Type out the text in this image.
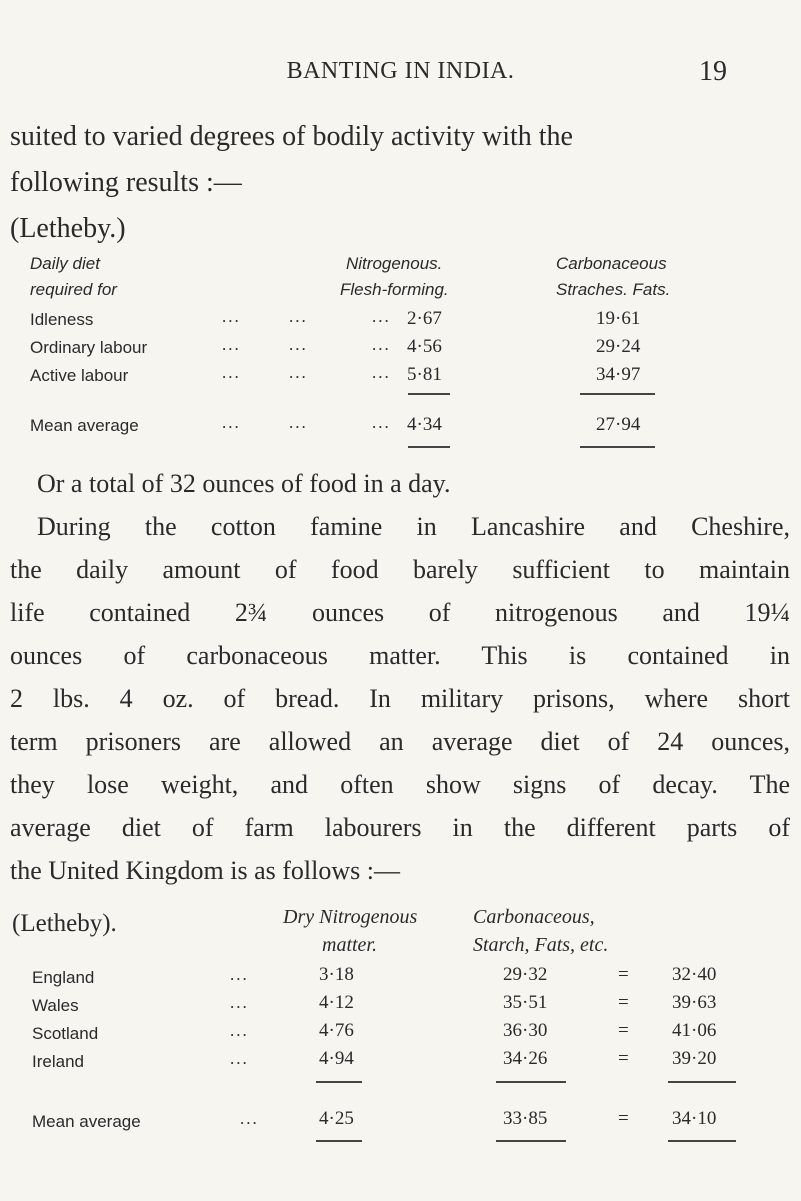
BANTING IN INDIA.	19
suited to varied degrees of bodily activity with the
following results :—
(Letheby.)
Daily diet
required for
Nitrogenous.
Flesh-forming.
Carbonaceous
Straches. Fats.
Idleness	...	...	... 2·67	19·61
Ordinary labour	...	...	... 4·56	29·24
Active labour	...	...	... 5·81	34·97
Mean average	...	...	... 4·34	27·94
Or a total of 32 ounces of food in a day.
During the cotton famine in Lancashire and Cheshire,
the daily amount of food barely sufficient to maintain
life contained 2¾ ounces of nitrogenous and 19¼
ounces of carbonaceous matter. This is contained in
2 lbs. 4 oz. of bread. In military prisons, where short
term prisoners are allowed an average diet of 24 ounces,
they lose weight, and often show signs of decay. The
average diet of farm labourers in the different parts of
the United Kingdom is as follows :—
(Letheby).	Dry Nitrogenous
matter.
Carbonaceous,
Starch, Fats, etc.
England	...	3·18	29·32	= 32·40
Wales	...	4·12	35·51	= 39·63
Scotland	...	4·76	36·30	= 41·06
Ireland	...	4·94	34·26	= 39·20
Mean average	...	4·25	33·85	= 34·10
